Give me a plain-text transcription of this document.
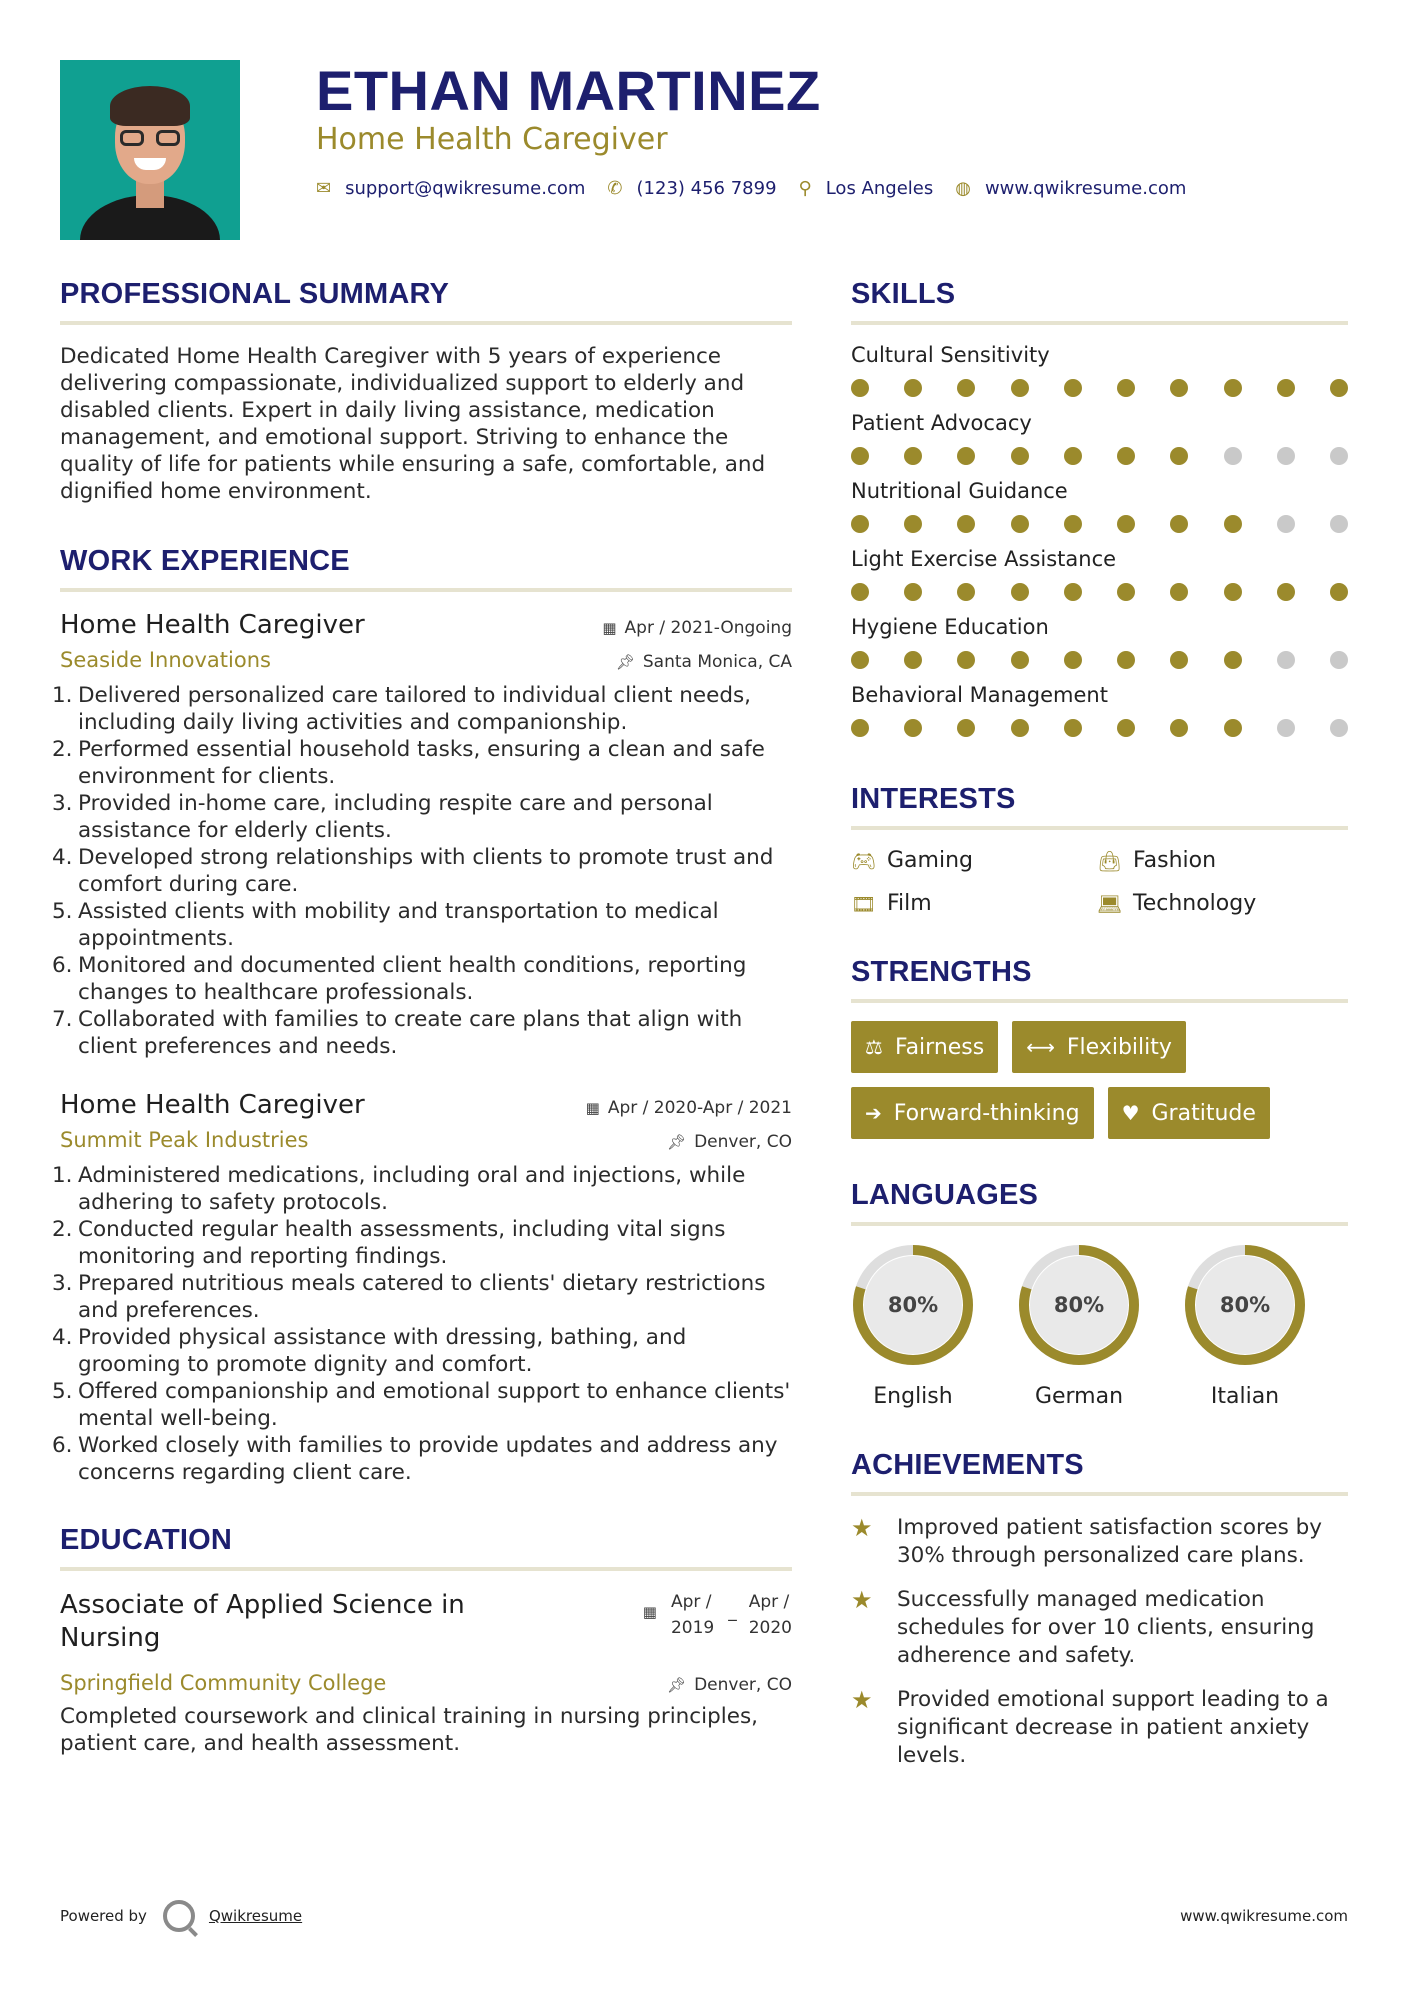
ETHAN MARTINEZ
Home Health Caregiver
✉ support@qwikresume.com ✆ (123) 456 7899 ⚲ Los Angeles ◍ www.qwikresume.com
PROFESSIONAL SUMMARY

Dedicated Home Health Caregiver with 5 years of experience delivering compassionate, individualized support to elderly and disabled clients. Expert in daily living assistance, medication management, and emotional support. Striving to enhance the quality of life for patients while ensuring a safe, comfortable, and dignified home environment.

WORK EXPERIENCE
Home Health Caregiver	▦ Apr / 2021-Ongoing
Seaside Innovations	📌︎ Santa Monica, CA
1. Delivered personalized care tailored to individual client needs, including daily living activities and companionship.
2. Performed essential household tasks, ensuring a clean and safe environment for clients.
3. Provided in-home care, including respite care and personal assistance for elderly clients.
4. Developed strong relationships with clients to promote trust and comfort during care.
5. Assisted clients with mobility and transportation to medical appointments.
6. Monitored and documented client health conditions, reporting changes to healthcare professionals.
7. Collaborated with families to create care plans that align with client preferences and needs.
Home Health Caregiver	▦ Apr / 2020-Apr / 2021
Summit Peak Industries	📌︎ Denver, CO
1. Administered medications, including oral and injections, while adhering to safety protocols.
2. Conducted regular health assessments, including vital signs monitoring and reporting findings.
3. Prepared nutritious meals catered to clients' dietary restrictions and preferences.
4. Provided physical assistance with dressing, bathing, and grooming to promote dignity and comfort.
5. Offered companionship and emotional support to enhance clients' mental well-being.
6. Worked closely with families to provide updates and address any concerns regarding client care.
EDUCATION
Associate of Applied Science in Nursing
▦ Apr /
2019
_ Apr /
2020
Springfield Community College	📌︎ Denver, CO

Completed coursework and clinical training in nursing principles, patient care, and health assessment.

SKILLS
Cultural Sensitivity
Patient Advocacy
Nutritional Guidance
Light Exercise Assistance
Hygiene Education
Behavioral Management
INTERESTS
🎮︎ Gaming	👜︎ Fashion
🎞︎ Film	💻︎ Technology
STRENGTHS
⚖ Fairness ⟷ Flexibility
➔ Forward-thinking ♥ Gratitude
LANGUAGES
80%
English
80%
German
80%
Italian
ACHIEVEMENTS
★	Improved patient satisfaction scores by 30% through personalized care plans.
★	Successfully managed medication schedules for over 10 clients, ensuring adherence and safety.
★	Provided emotional support leading to a significant decrease in patient anxiety levels.
Powered by	Qwikresume	www.qwikresume.com
